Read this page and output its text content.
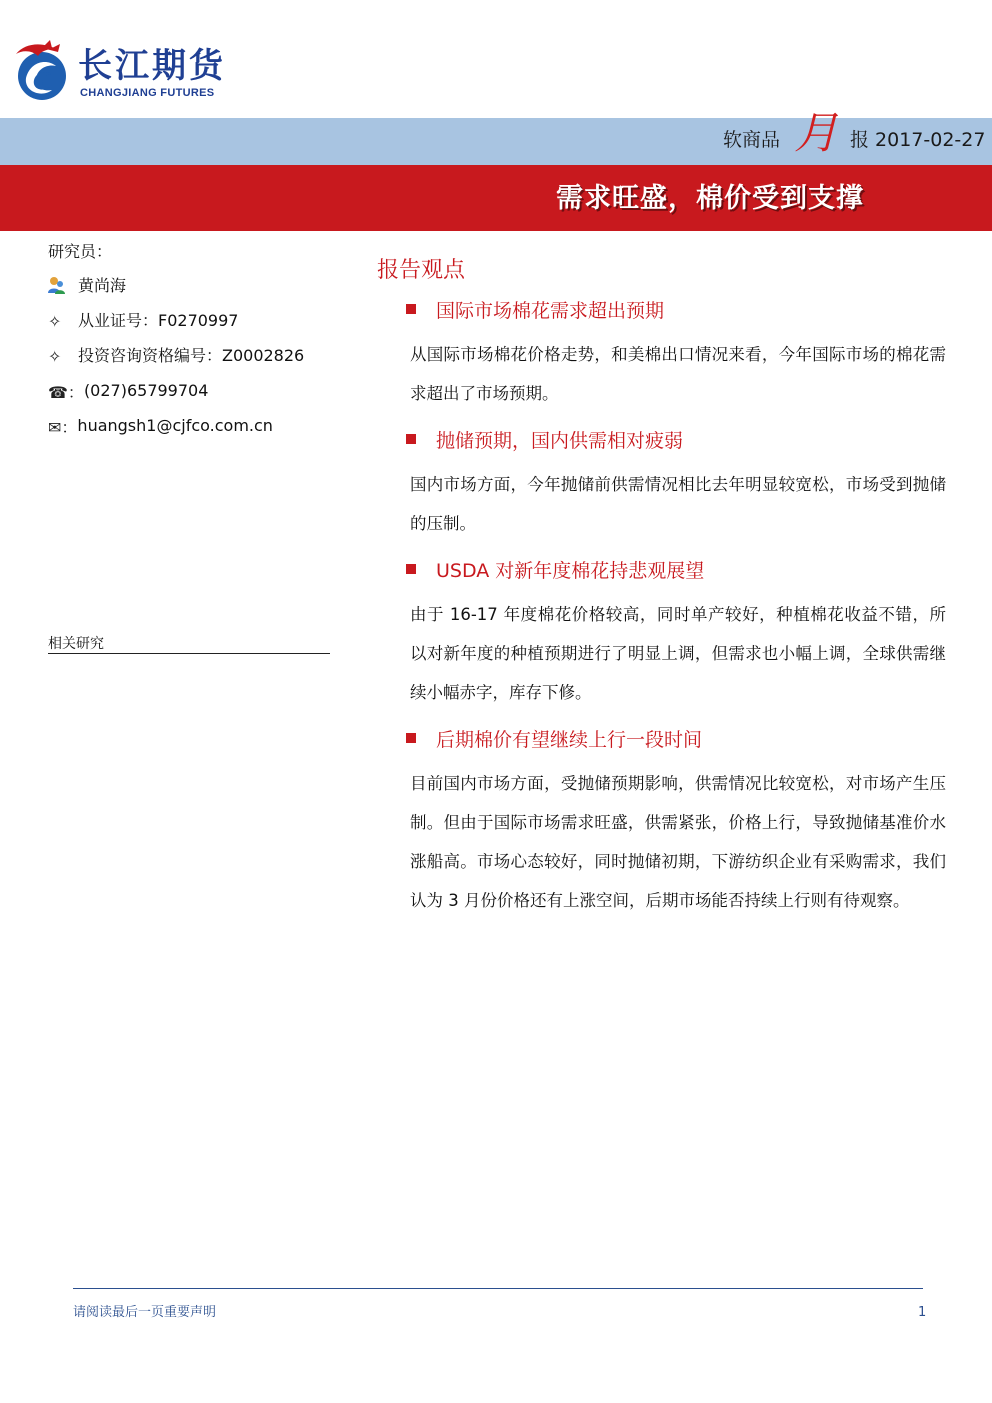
长江期货
CHANGJIANG FUTURES
软商品 月 报 2017-02-27
需求旺盛，棉价受到支撑
研究员：
黄尚海
✧	从业证号：F0270997
✧	投资咨询资格编号：Z0002826
☎： (027)65799704
✉： huangsh1@cjfco.com.cn
相关研究
报告观点
国际市场棉花需求超出预期
从国际市场棉花价格走势，和美棉出口情况来看，今年国际市场的棉花需求超出了市场预期。
抛储预期，国内供需相对疲弱
国内市场方面，今年抛储前供需情况相比去年明显较宽松，市场受到抛储的压制。
USDA 对新年度棉花持悲观展望
由于 16-17 年度棉花价格较高，同时单产较好，种植棉花收益不错，所以对新年度的种植预期进行了明显上调，但需求也小幅上调，全球供需继续小幅赤字，库存下修。
后期棉价有望继续上行一段时间
目前国内市场方面，受抛储预期影响，供需情况比较宽松，对市场产生压制。但由于国际市场需求旺盛，供需紧张，价格上行，导致抛储基准价水涨船高。市场心态较好，同时抛储初期，下游纺织企业有采购需求，我们认为 3 月份价格还有上涨空间，后期市场能否持续上行则有待观察。
请阅读最后一页重要声明	1
